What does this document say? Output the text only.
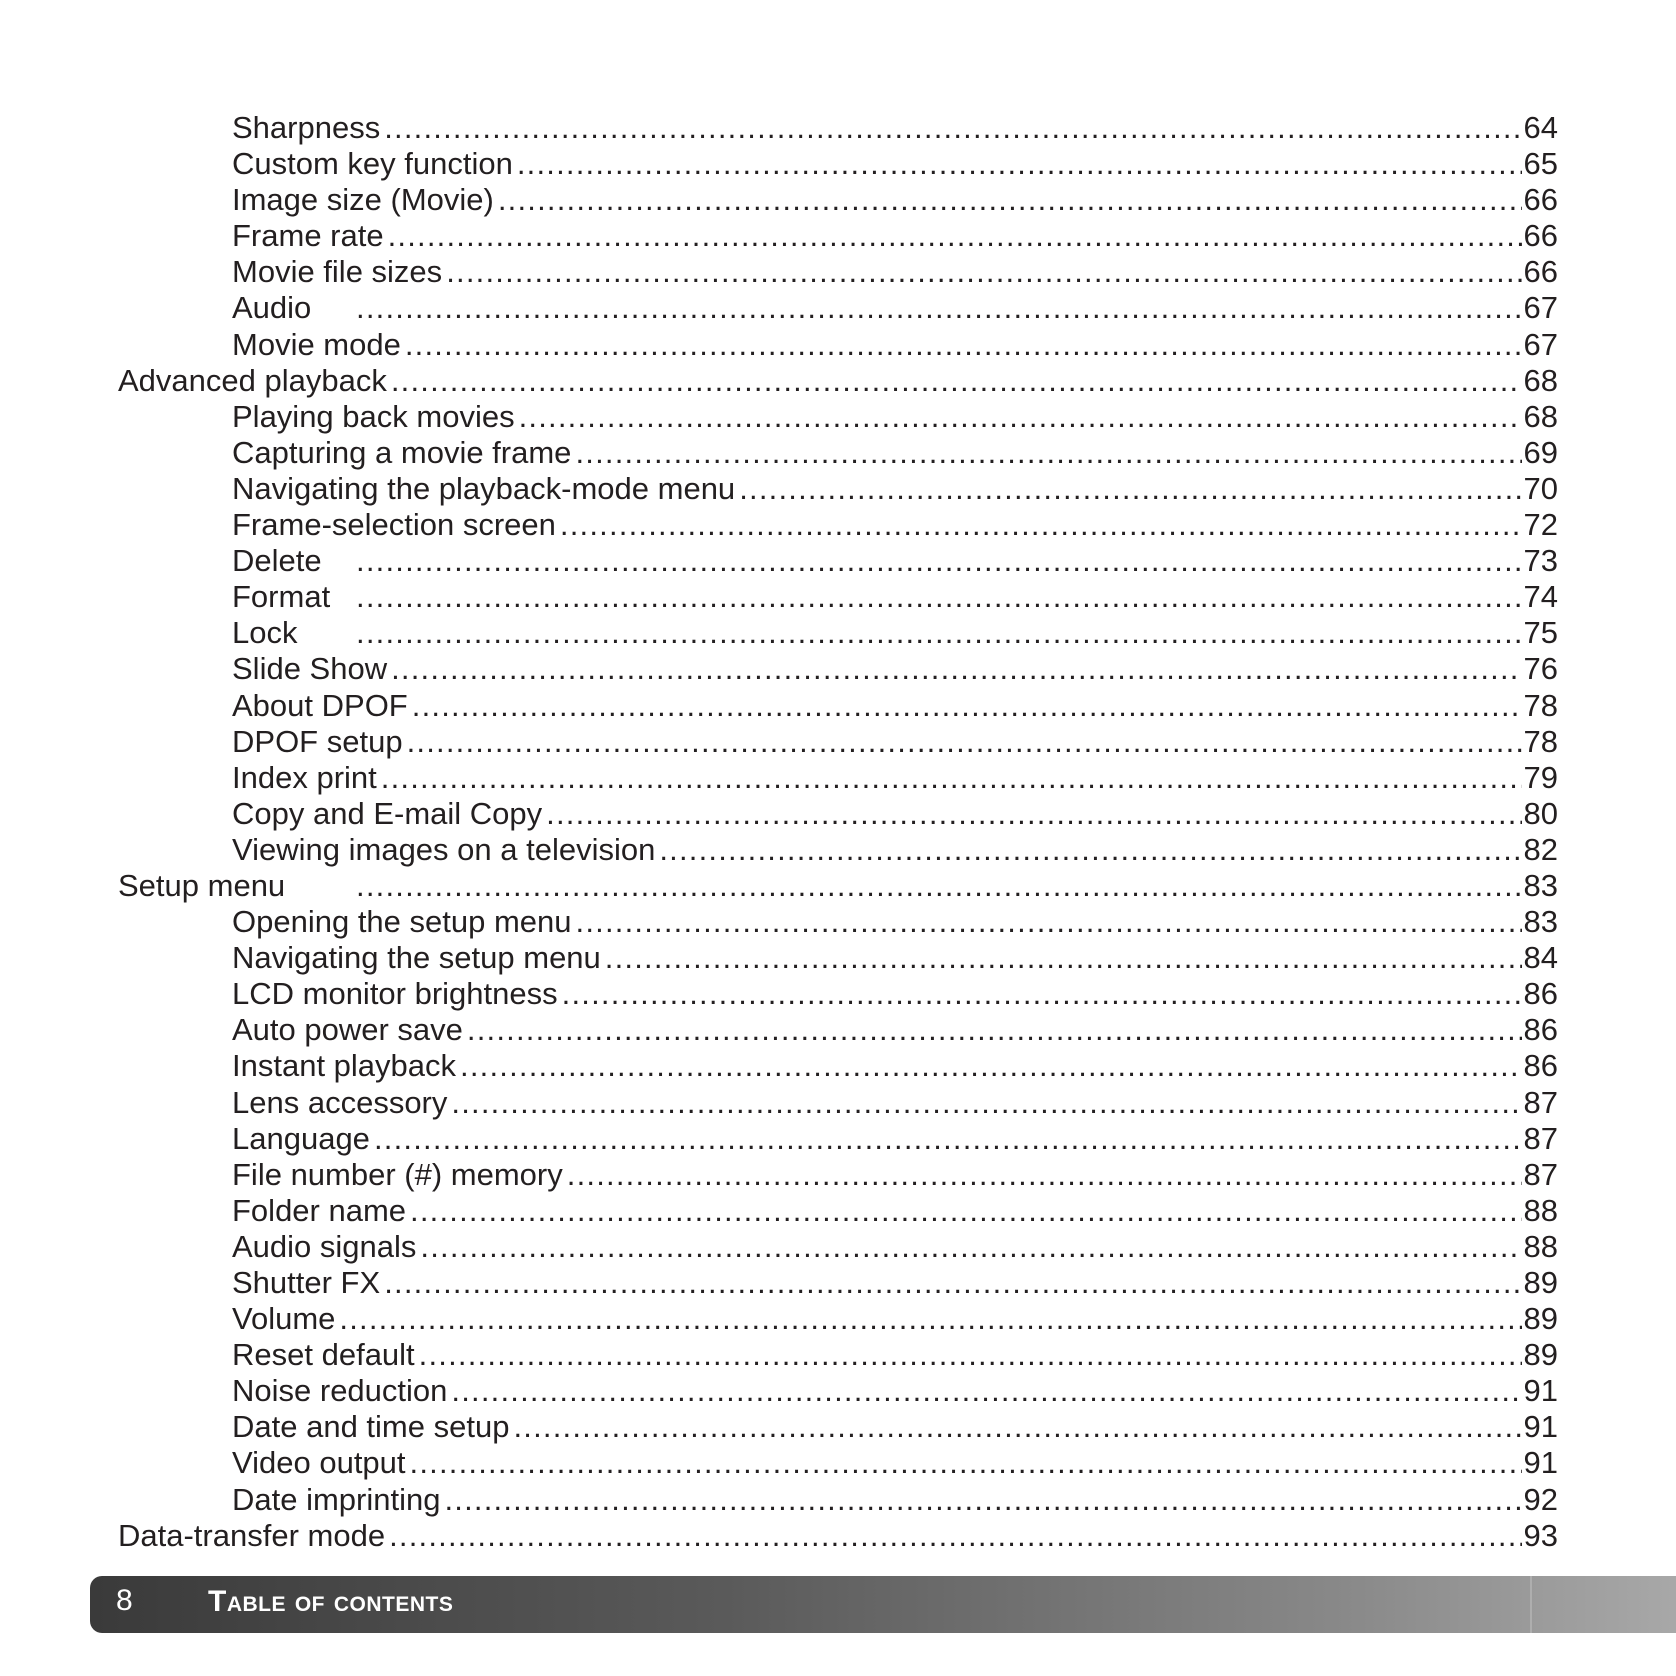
Sharpness .....	64
Custom key function .....	65
Image size (Movie) .....	66
Frame rate .....	66
Movie file sizes .....	66
Audio .....	67
Movie mode .....	67
Advanced playback .....	68
Playing back movies .....	68
Capturing a movie frame .....	69
Navigating the playback-mode menu .....	70
Frame-selection screen .....	72
Delete .....	73
Format .....	74
Lock .....	75
Slide Show .....	76
About DPOF .....	78
DPOF setup .....	78
Index print .....	79
Copy and E-mail Copy .....	80
Viewing images on a television .....	82
Setup menu .....	83
Opening the setup menu .....	83
Navigating the setup menu .....	84
LCD monitor brightness .....	86
Auto power save .....	86
Instant playback .....	86
Lens accessory .....	87
Language .....	87
File number (#) memory .....	87
Folder name .....	88
Audio signals .....	88
Shutter FX .....	89
Volume .....	89
Reset default .....	89
Noise reduction .....	91
Date and time setup .....	91
Video output .....	91
Date imprinting .....	92
Data-transfer mode .....	93
8	Table of contents
